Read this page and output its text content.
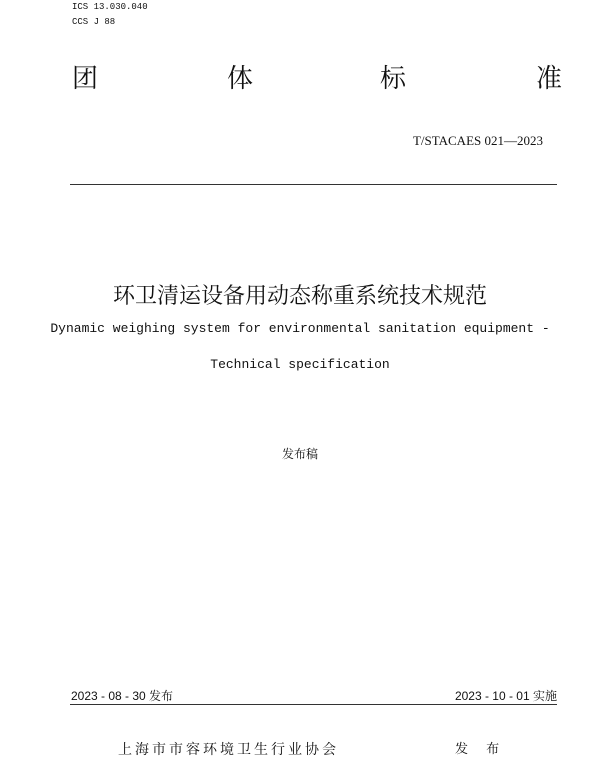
ICS 13.030.040
CCS J 88
团	体	标	准
T/STACAES 021—2023
环卫清运设备用动态称重系统技术规范
Dynamic weighing system for environmental sanitation equipment -
Technical specification
发布稿
2023 - 08 - 30 发布	2023 - 10 - 01 实施
上海市市容环境卫生行业协会	发 布
